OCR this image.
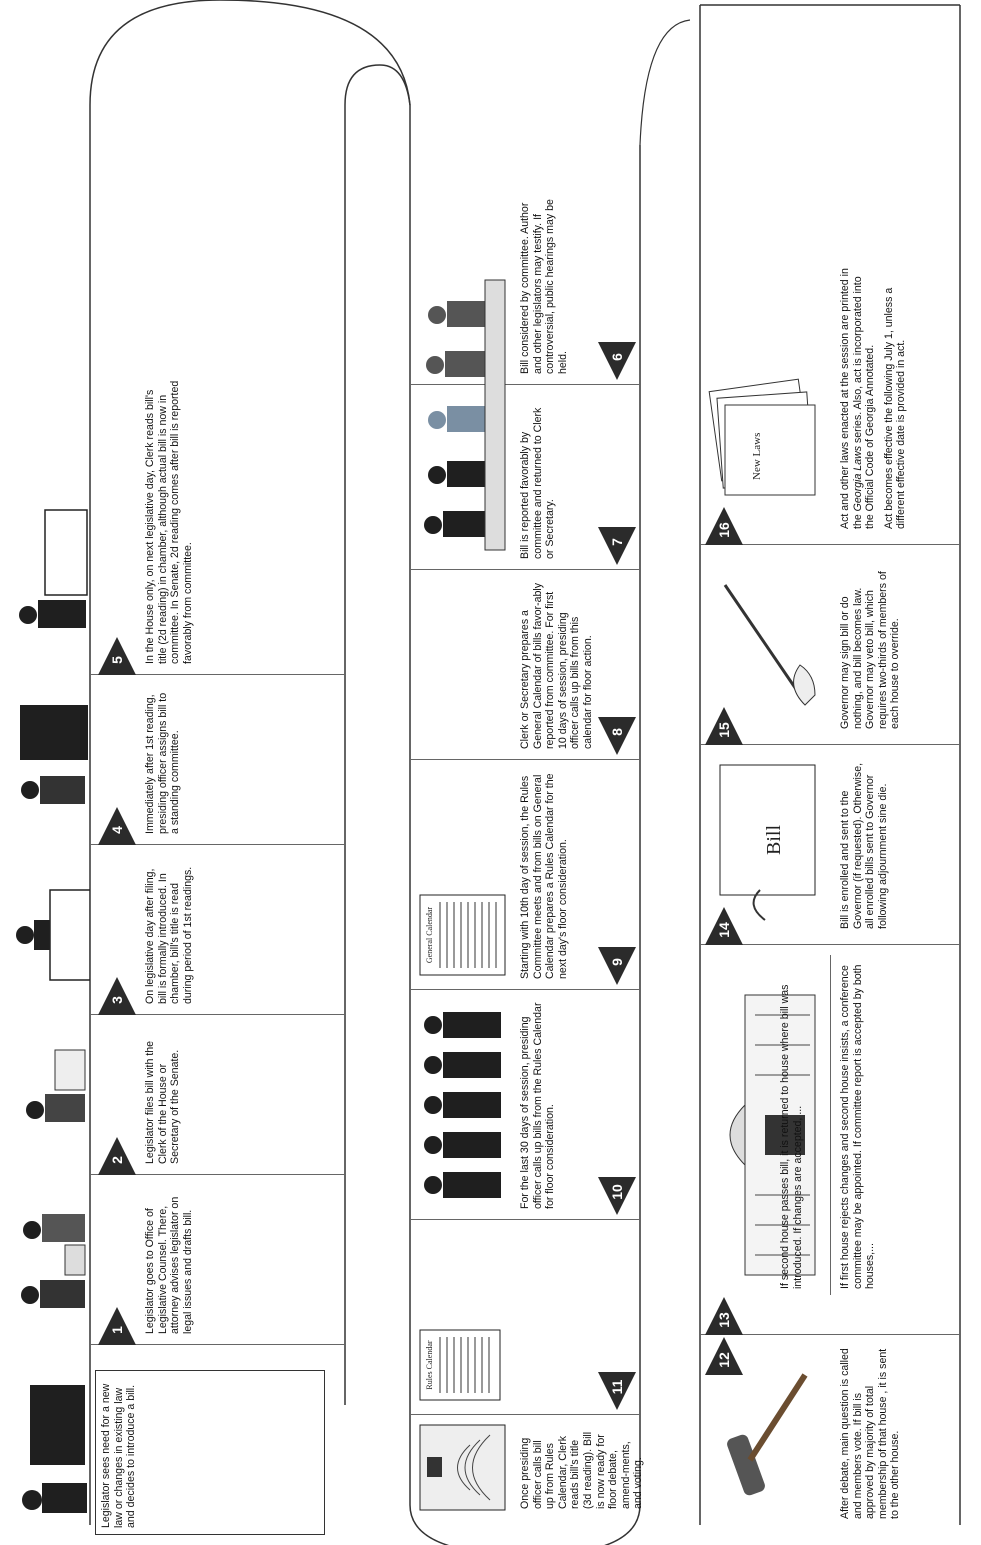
Legislator sees need for a new law or changes in existing law and decides to introduce a bill.

1
2
3
4
5

Legislator goes to Office of Legislative Counsel. There, attorney advises legislator on legal issues and drafts bill.

Legislator files bill with the Clerk of the House or Secretary of the Senate.

On legislative day after filing, bill is formally introduced. In chamber, bill's title is read during period of 1st readings.

Immediately after 1st reading, presiding officer assigns bill to a standing committee.

In the House only, on next legislative day, Clerk reads bill's title (2d reading) in chamber, although actual bill is now in committee. In Senate, 2d reading comes after bill is reported favorably from committee.

Rules Calendar
General Calendar
6
7
8
9
10
11

Bill considered by committee. Author and other legislators may testify. If controversial, public hearings may be held.

Bill is reported favorably by committee and returned to Clerk or Secretary.

Clerk or Secretary prepares a General Calendar of bills favor-ably reported from committee. For first 10 days of session, presiding officer calls up bills from this calendar for floor action.

Starting with 10th day of session, the Rules Committee meets and from bills on General Calendar prepares a Rules Calendar for the next day's floor consideration.

For the last 30 days of session, presiding officer calls up bills from the Rules Calendar for floor consideration.

Once presiding officer calls bill up from Rules Calendar, Clerk reads bill's title (3d reading). Bill is now ready for floor debate, amend-ments, and voting.

Bill
New Laws
12
13
14
15
16

After debate, main question is called and members vote. If bill is approved by majority of total membership of that house , it is sent to the other house.

If second house passes bill, it is returned to house where bill was introduced. If changes are accepted, ...	If first house rejects changes and second house insists, a conference committee may be appointed. If committee report is accepted by both houses,...

Bill is enrolled and sent to the Governor (if requested). Otherwise, all enrolled bills sent to Governor following adjournment sine die.

Governor may sign bill or do nothing, and bill becomes law. Governor may veto bill, which requires two-thirds of members of each house to override.

Act and other laws enacted at the session are printed in the Georgia Laws series. Also, act is incorporated into the Official Code of Georgia Annotated. Act becomes effective the following July 1, unless a different effective date is provided in act.
